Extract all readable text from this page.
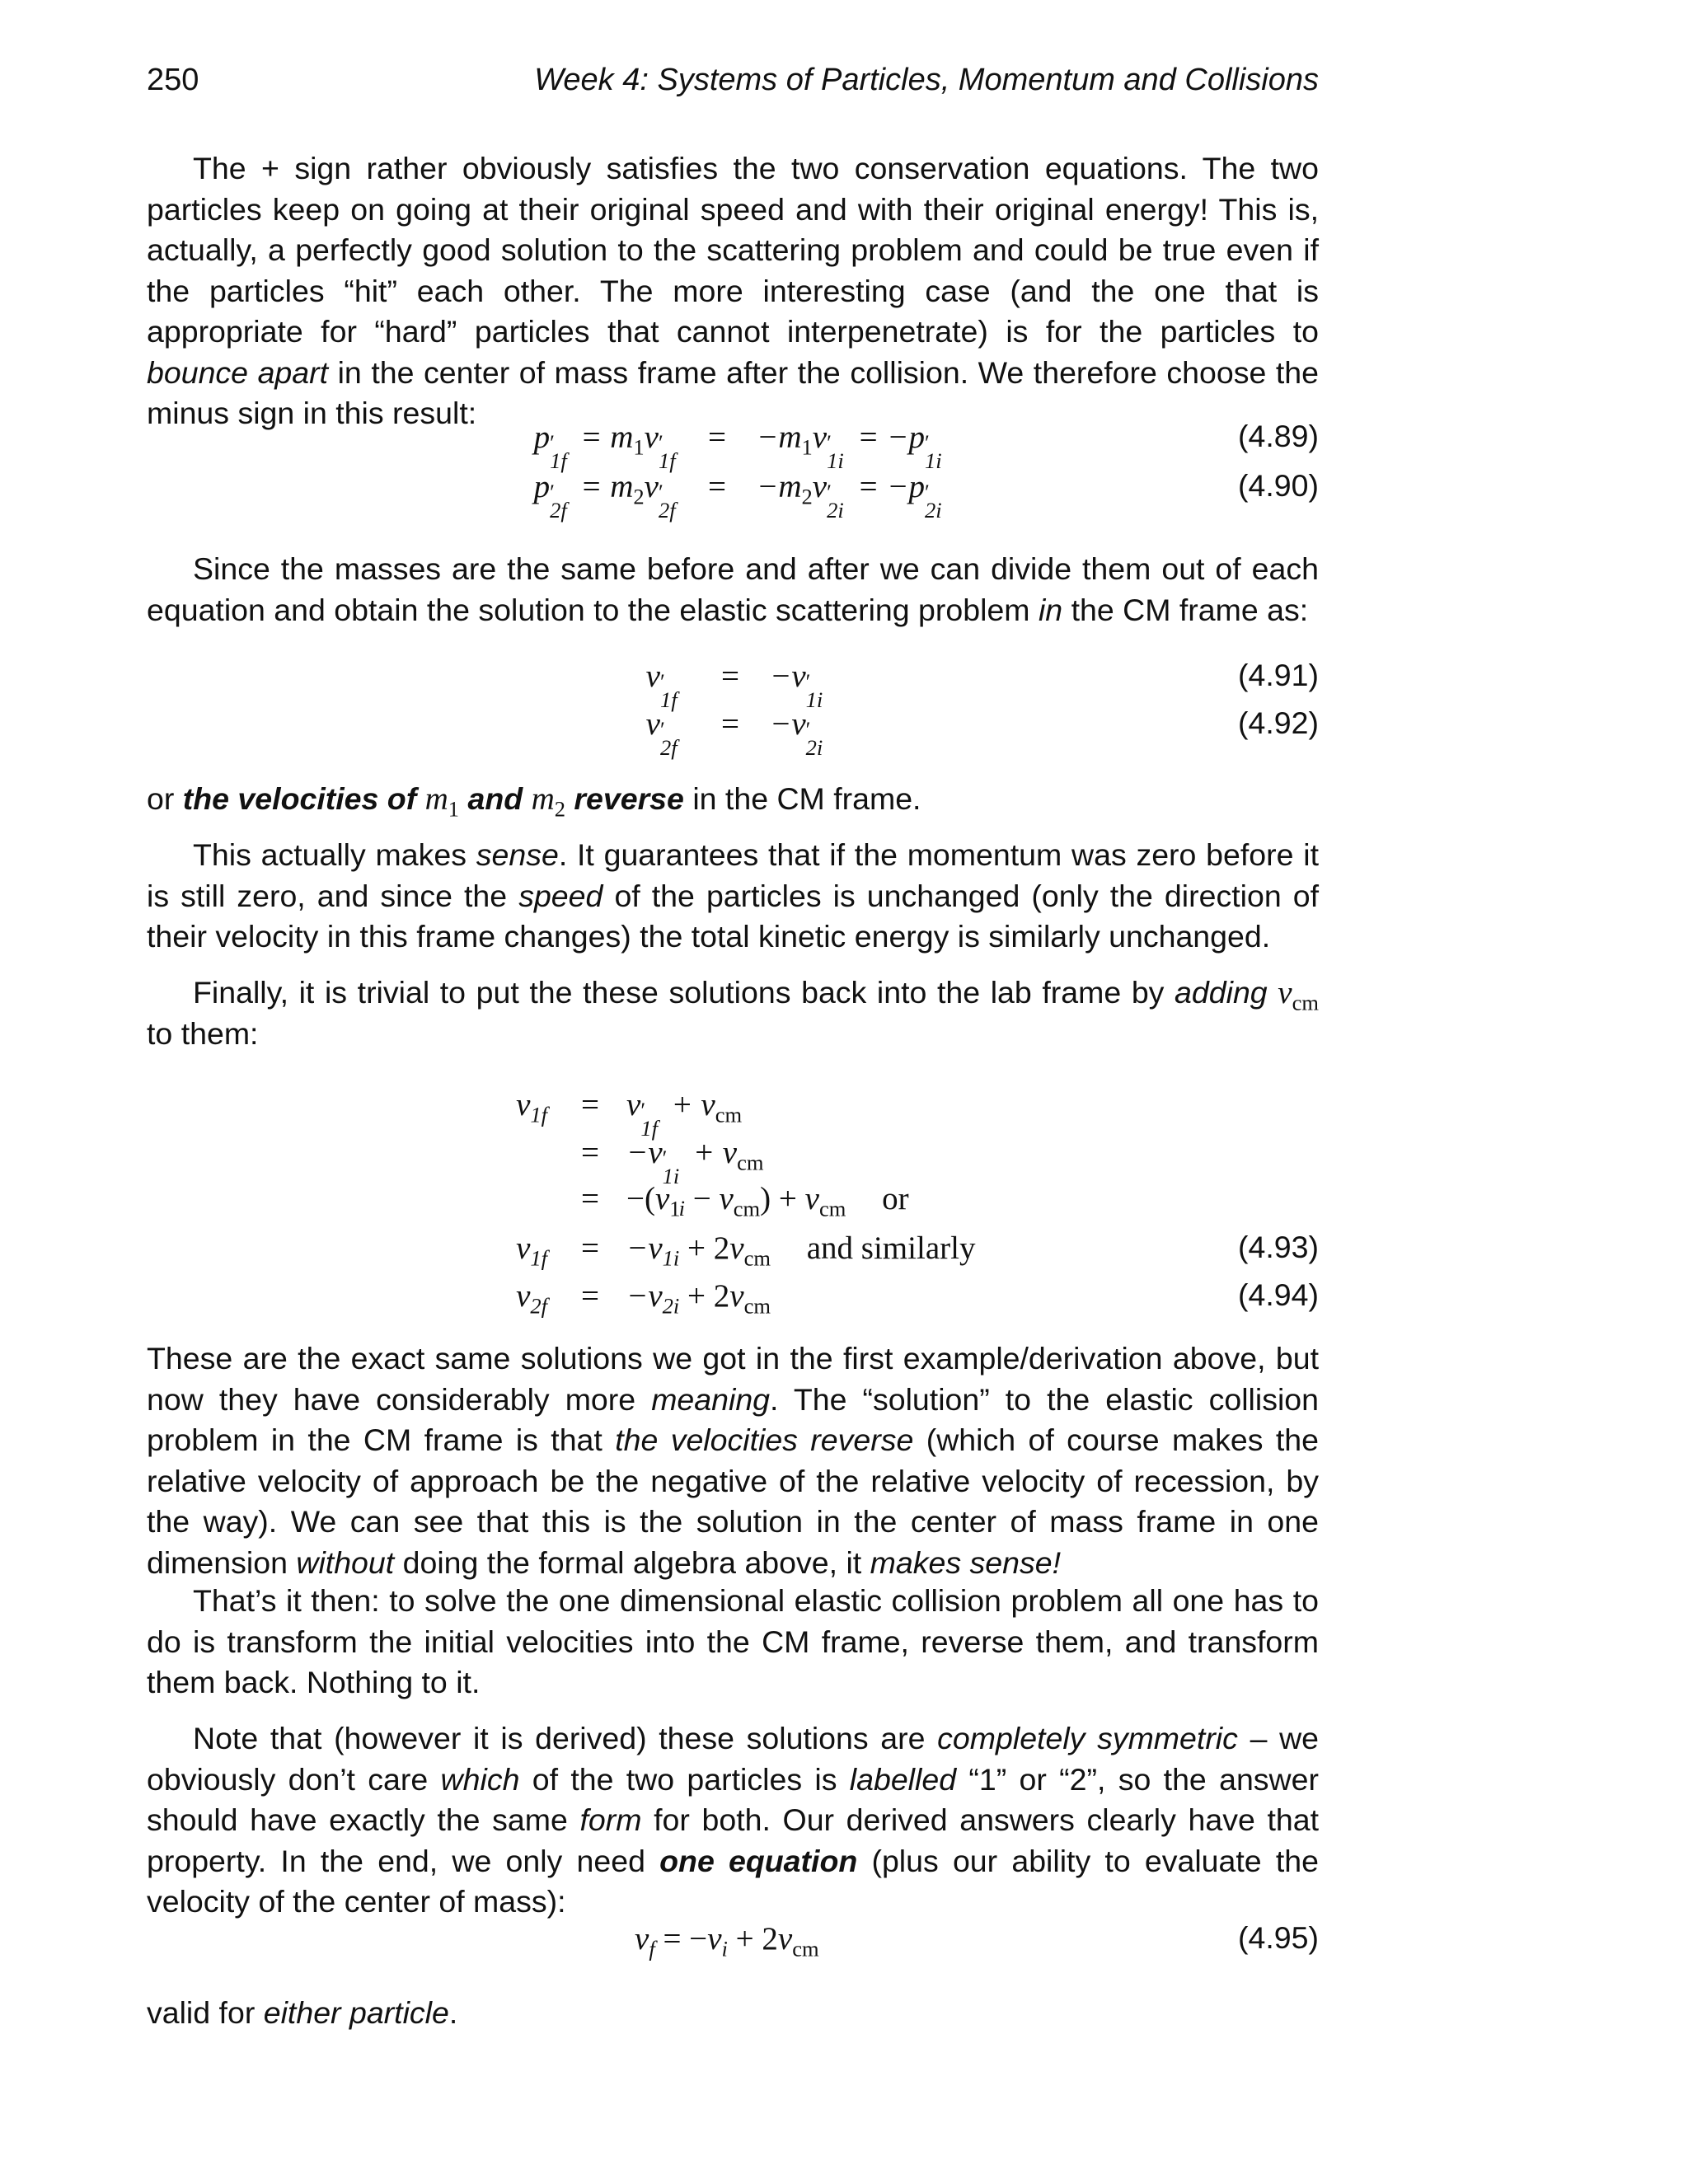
250	Week 4: Systems of Particles, Momentum and Collisions

The + sign rather obviously satisfies the two conservation equations. The two particles keep on going at their original speed and with their original energy! This is, actually, a perfectly good solution to the scattering problem and could be true even if the particles “hit” each other. The more interesting case (and the one that is appropriate for “hard” particles that cannot interpenetrate) is for the particles to bounce apart in the center of mass frame after the collision. We therefore choose the minus sign in this result:

p ′
1f
= $m_1v$ ′
1f
= $-m_1v$ ′
1i
= −p ′
1i
(4.89)
p ′
2f
= $m_2v$ ′
2f
= $-m_2v$ ′
2i
= −p ′
2i
(4.90)

Since the masses are the same before and after we can divide them out of each equation and obtain the solution to the elastic scattering problem in the CM frame as:

v ′
1f
= −v ′
1i
(4.91)
v ′
2f
= −v ′
2i
(4.92)

or the velocities of $m_1$ and $m_2$ reverse in the CM frame.

This actually makes sense. It guarantees that if the momentum was zero before it is still zero, and since the speed of the particles is unchanged (only the direction of their velocity in this frame changes) the total kinetic energy is similarly unchanged.

Finally, it is trivial to put the these solutions back into the lab frame by adding $v_{cm}$ to them:

$v_{1f}$	= v ′
1f
+ $v_{cm}$
= −v ′
1i
+ $v_{cm}$
= $-(v_{1i} - v_{cm}) + v_{cm}$ or
$v_{1f}$	= $-v_{1i} + 2v_{cm}$ and similarly	(4.93)
$v_{2f}$	= $-v_{2i} + 2v_{cm}$	(4.94)

These are the exact same solutions we got in the first example/derivation above, but now they have considerably more meaning. The “solution” to the elastic collision problem in the CM frame is that the velocities reverse (which of course makes the relative velocity of approach be the negative of the relative velocity of recession, by the way). We can see that this is the solution in the center of mass frame in one dimension without doing the formal algebra above, it makes sense!

That’s it then: to solve the one dimensional elastic collision problem all one has to do is transform the initial velocities into the CM frame, reverse them, and transform them back. Nothing to it.

Note that (however it is derived) these solutions are completely symmetric – we obviously don’t care which of the two particles is labelled “1” or “2”, so the answer should have exactly the same form for both. Our derived answers clearly have that property. In the end, we only need one equation (plus our ability to evaluate the velocity of the center of mass):

$v_f = -v_i + 2v_{cm}$	(4.95)

valid for either particle.
